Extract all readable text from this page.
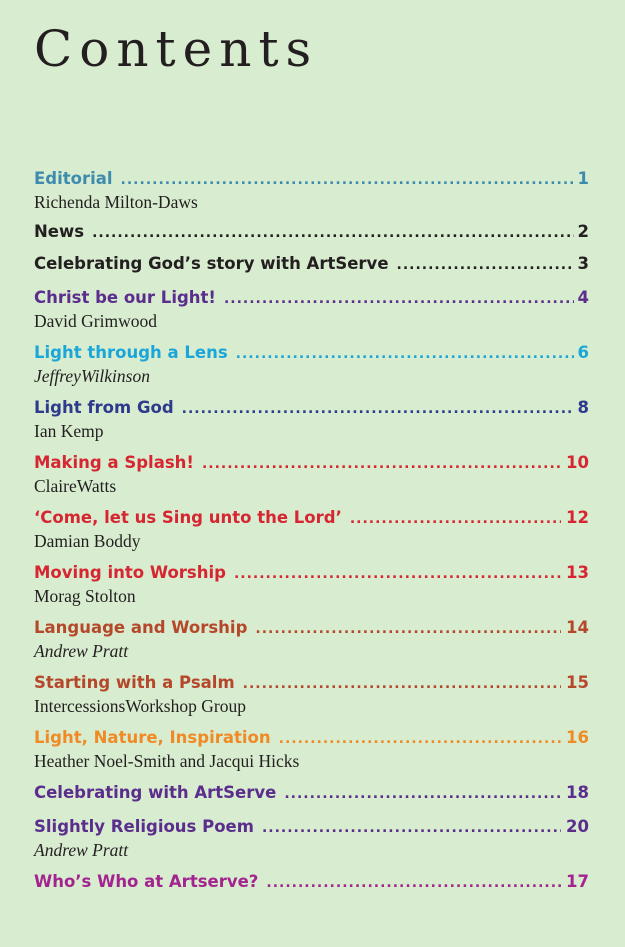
Contents
Editorial .....	1
Richenda Milton-Daws
News .....	2
Celebrating God’s story with ArtServe .....	3
Christ be our Light! .....	4
David Grimwood
Light through a Lens .....	6
JeffreyWilkinson
Light from God .....	8
Ian Kemp
Making a Splash! .....	10
ClaireWatts
‘Come, let us Sing unto the Lord’ .....	12
Damian Boddy
Moving into Worship .....	13
Morag Stolton
Language and Worship .....	14
Andrew Pratt
Starting with a Psalm .....	15
IntercessionsWorkshop Group
Light, Nature, Inspiration .....	16
Heather Noel-Smith and Jacqui Hicks
Celebrating with ArtServe .....	18
Slightly Religious Poem .....	20
Andrew Pratt
Who’s Who at Artserve? .....	17
